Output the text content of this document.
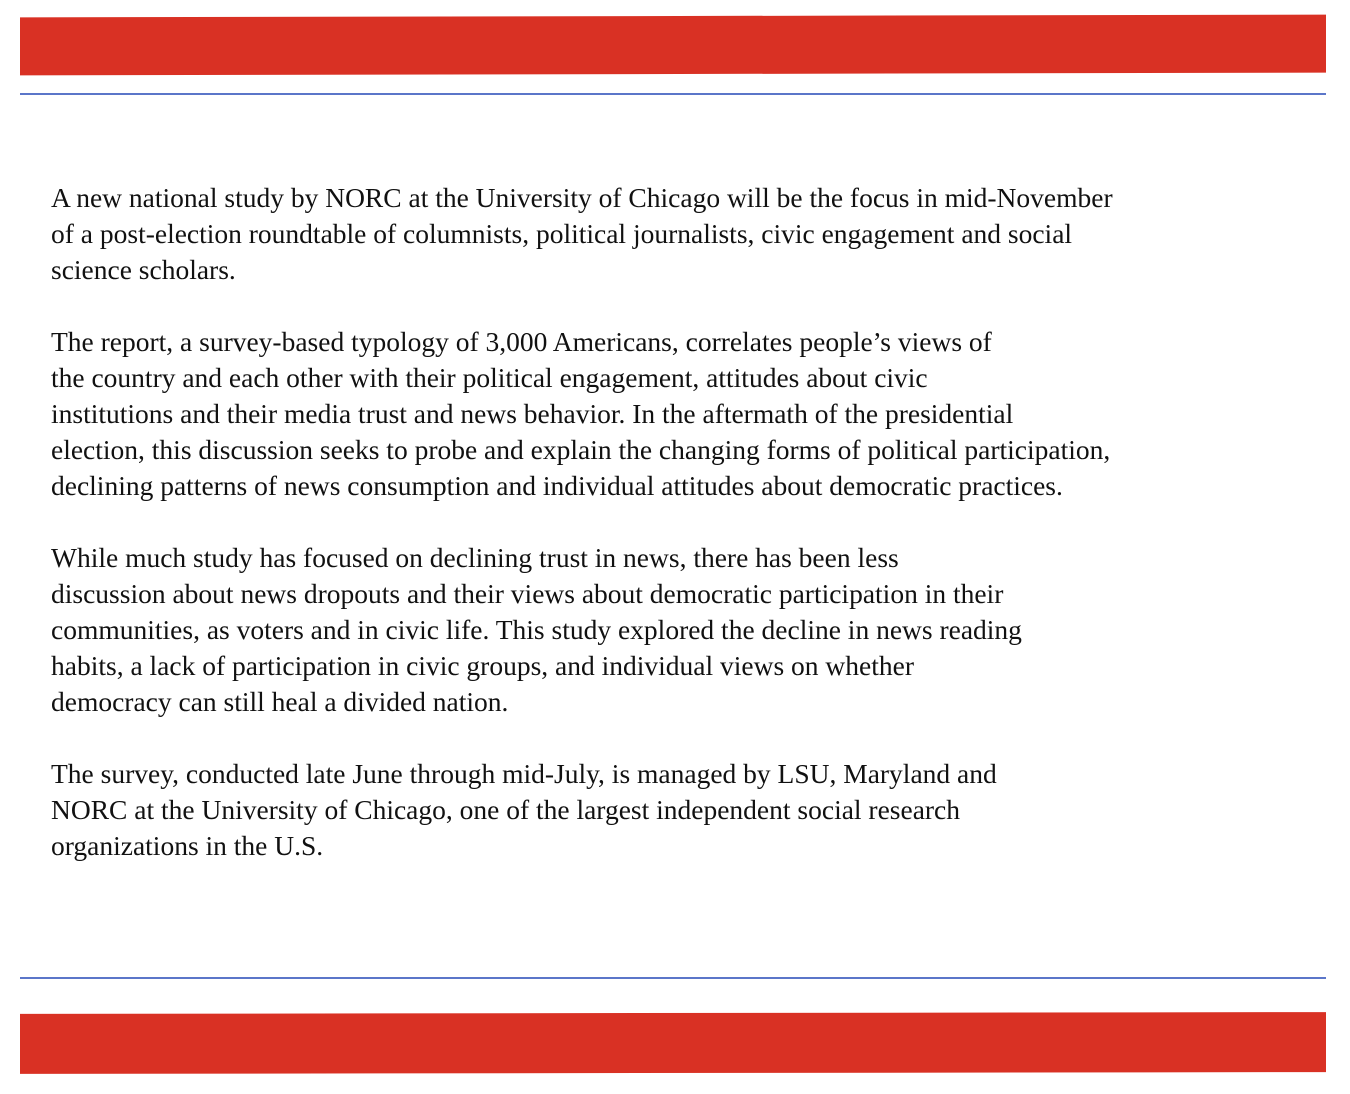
A new national study by NORC at the University of Chicago will be the focus in mid-November
of a post-election roundtable of columnists, political journalists, civic engagement and social
science scholars.

The report, a survey-based typology of 3,000 Americans, correlates people’s views of
the country and each other with their political engagement, attitudes about civic
institutions and their media trust and news behavior. In the aftermath of the presidential
election, this discussion seeks to probe and explain the changing forms of political participation,
declining patterns of news consumption and individual attitudes about democratic practices.

While much study has focused on declining trust in news, there has been less
discussion about news dropouts and their views about democratic participation in their
communities, as voters and in civic life. This study explored the decline in news reading
habits, a lack of participation in civic groups, and individual views on whether
democracy can still heal a divided nation.

The survey, conducted late June through mid-July, is managed by LSU, Maryland and
NORC at the University of Chicago, one of the largest independent social research
organizations in the U.S.
